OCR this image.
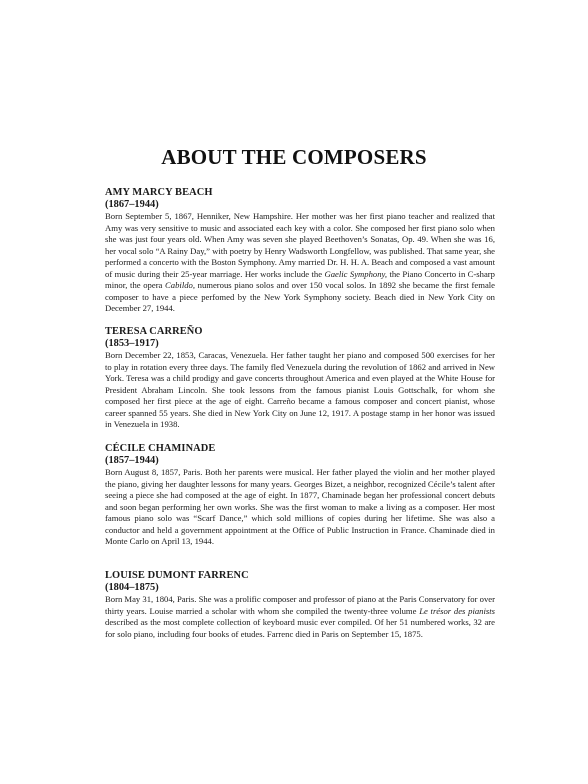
ABOUT THE COMPOSERS
AMY MARCY BEACH
(1867–1944)

Born September 5, 1867, Henniker, New Hampshire. Her mother was her first piano teacher and realized that Amy was very sensitive to music and associated each key with a color. She composed her first piano solo when she was just four years old. When Amy was seven she played Beethoven’s Sonatas, Op. 49. When she was 16, her vocal solo “A Rainy Day,” with poetry by Henry Wadsworth Longfellow, was published. That same year, she performed a concerto with the Boston Symphony. Amy married Dr. H. H. A. Beach and composed a vast amount of music during their 25-year marriage. Her works include the Gaelic Symphony, the Piano Concerto in C-sharp minor, the opera Cabildo, numerous piano solos and over 150 vocal solos. In 1892 she became the first female composer to have a piece perfomed by the New York Symphony society. Beach died in New York City on December 27, 1944.

TERESA CARREÑO
(1853–1917)

Born December 22, 1853, Caracas, Venezuela. Her father taught her piano and composed 500 exercises for her to play in rotation every three days. The family fled Venezuela during the revolution of 1862 and arrived in New York. Teresa was a child prodigy and gave concerts throughout America and even played at the White House for President Abraham Lincoln. She took lessons from the famous pianist Louis Gottschalk, for whom she composed her first piece at the age of eight. Carreño became a famous composer and concert pianist, whose career spanned 55 years. She died in New York City on June 12, 1917. A postage stamp in her honor was issued in Venezuela in 1938.

CÉCILE CHAMINADE
(1857–1944)

Born August 8, 1857, Paris. Both her parents were musical. Her father played the violin and her mother played the piano, giving her daughter lessons for many years. Georges Bizet, a neighbor, recognized Cécile’s talent after seeing a piece she had composed at the age of eight. In 1877, Chaminade began her professional concert debuts and soon began performing her own works. She was the first woman to make a living as a composer. Her most famous piano solo was “Scarf Dance,” which sold millions of copies during her lifetime. She was also a conductor and held a government appointment at the Office of Public Instruction in France. Chaminade died in Monte Carlo on April 13, 1944.

LOUISE DUMONT FARRENC
(1804–1875)

Born May 31, 1804, Paris. She was a prolific composer and professor of piano at the Paris Conservatory for over thirty years. Louise married a scholar with whom she compiled the twenty-three volume Le trésor des pianists described as the most complete collection of keyboard music ever compiled. Of her 51 numbered works, 32 are for solo piano, including four books of etudes. Farrenc died in Paris on September 15, 1875.
